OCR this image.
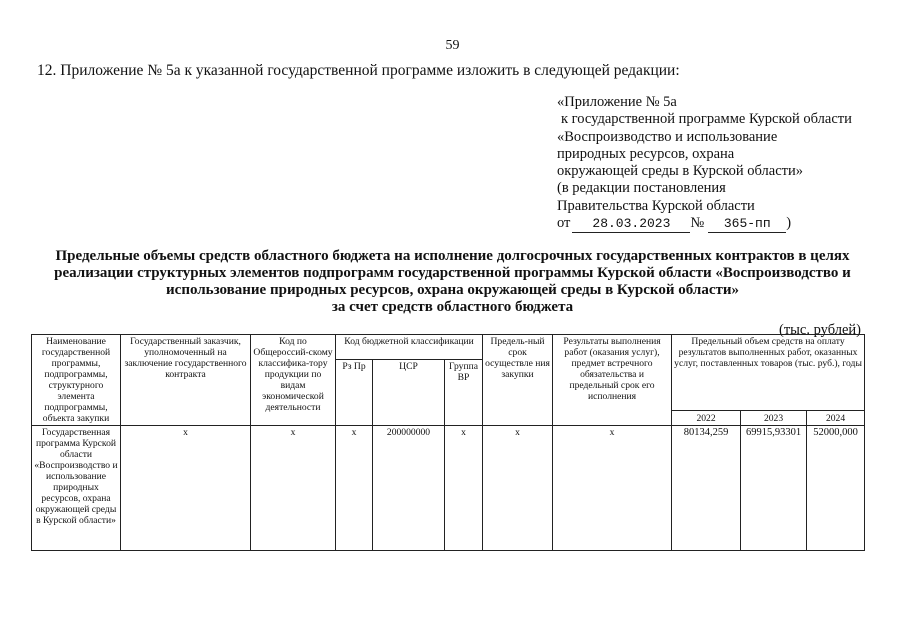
59
12. Приложение № 5а к указанной государственной программе изложить в следующей редакции:
«Приложение № 5а
к государственной программе Курской области
«Воспроизводство и использование
природных ресурсов, охрана
окружающей среды в Курской области»
(в редакции постановления
Правительства Курской области
от 28.03.2023 № 365-пп )
Предельные объемы средств областного бюджета на исполнение долгосрочных государственных контрактов в целях
реализации структурных элементов подпрограмм государственной программы Курской области «Воспроизводство и
использование природных ресурсов, охрана окружающей среды в Курской области»
за счет средств областного бюджета
(тыс. рублей)
Наименование государственной программы, подпрограммы, структурного элемента подпрограммы, объекта закупки	Государственный заказчик, уполномоченный на заключение государственного контракта	Код по Общероссий-скому классифика-тору продукции по видам экономической деятельности	Код бюджетной классификации			Предель-ный срок осуществле ния закупки	Результаты выполнения работ (оказания услуг), предмет встречного обязательства и предельный срок его исполнения	Предельный объем средств на оплату результатов выполненных работ, оказанных услуг, поставленных товаров (тыс. руб.), годы		
			Рз Пр	ЦСР	Группа ВР					
								2022	2023	2024
Государственная программа Курской области «Воспроизводство и использование природных ресурсов, охрана окружающей среды в Курской области»	х	х	х	200000000	х	х	х	80134,259	69915,93301	52000,000
